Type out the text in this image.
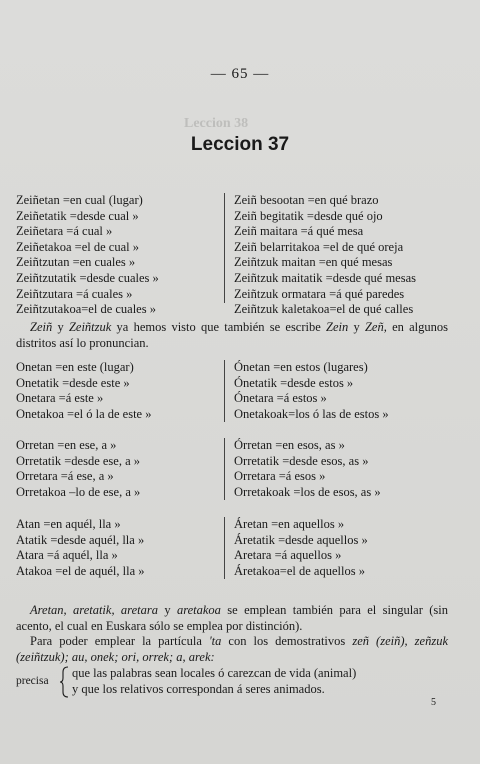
Leccion 38
— 65 —
Leccion 37
Zeiñetan =en cual (lugar)
Zeiñetatik =desde cual »
Zeiñetara =á cual »
Zeiñetakoa =el de cual »
Zeiñtzutan =en cuales »
Zeiñtzutatik =desde cuales »
Zeiñtzutara =á cuales »
Zeiñtzutakoa=el de cuales »
Zeiñ besootan =en qué brazo
Zeiñ begitatik =desde qué ojo
Zeiñ maitara =á qué mesa
Zeiñ belarritakoa =el de qué oreja
Zeiñtzuk maitan =en qué mesas
Zeiñtzuk maitatik =desde qué mesas
Zeiñtzuk ormatara =á qué paredes
Zeiñtzuk kaletakoa=el de qué calles
Zeiñ y Zeiñtzuk ya hemos visto que también se escribe Zein y Zeñ, en algunos distritos así lo pronuncian.
Onetan =en este (lugar)
Onetatik =desde este »
Onetara =á este »
Onetakoa =el ó la de este »
Ónetan =en estos (lugares)
Ónetatik =desde estos »
Ónetara =á estos »
Onetakoak=los ó las de estos »
Orretan =en ese, a »
Orretatik =desde ese, a »
Orretara =á ese, a »
Orretakoa –lo de ese, a »
Órretan =en esos, as »
Orretatik =desde esos, as »
Orretara =á esos »
Orretakoak =los de esos, as »
Atan =en aquél, lla »
Atatik =desde aquél, lla »
Atara =á aquél, lla »
Atakoa =el de aquél, lla »
Áretan =en aquellos »
Áretatik =desde aquellos »
Aretara =á aquellos »
Áretakoa=el de aquellos »
Aretan, aretatik, aretara y aretakoa se emplean también para el singular (sin acento, el cual en Euskara sólo se emplea por distinción).
Para poder emplear la partícula 'ta con los demostrativos zeñ (zeiñ), zeñzuk (zeiñtzuk); au, onek; ori, orrek; a, arek:
precisa
que las palabras sean locales ó carezcan de vida (animal)
y que los relativos correspondan á seres animados.
5
